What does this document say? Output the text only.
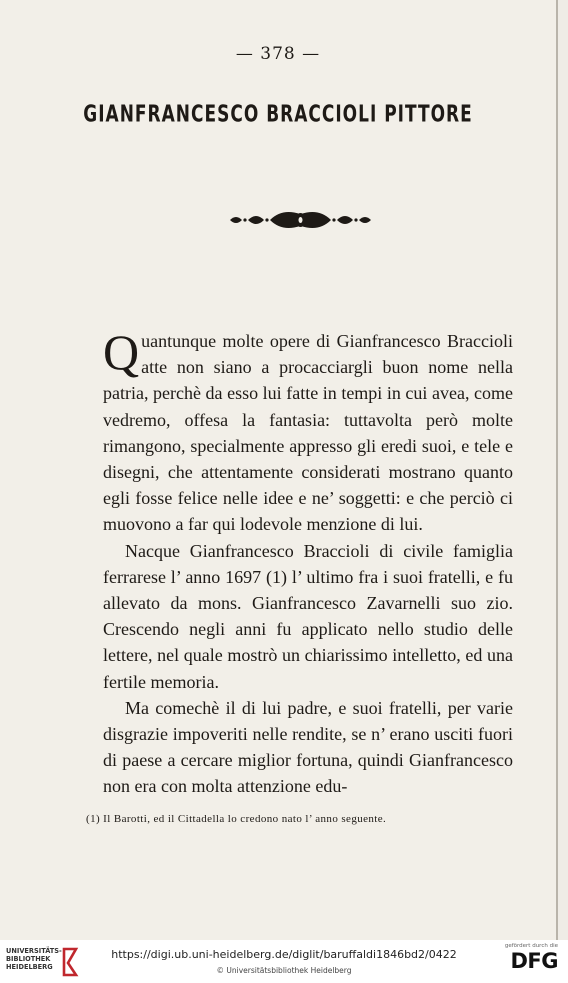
— 378 —
GIANFRANCESCO BRACCIOLI PITTORE

Quantunque molte opere di Gianfrancesco Braccioli atte non siano a procacciargli buon nome nella patria, perchè da esso lui fatte in tempi in cui avea, come vedremo, offesa la fantasia: tuttavolta però molte rimangono, specialmente appresso gli eredi suoi, e tele e disegni, che attentamente considerati mostrano quanto egli fosse felice nelle idee e ne’ soggetti: e che perciò ci muovono a far qui lodevole menzione di lui.

Nacque Gianfrancesco Braccioli di civile famiglia ferrarese l’ anno 1697 (1) l’ ultimo fra i suoi fratelli, e fu allevato da mons. Gianfrancesco Zavarnelli suo zio. Crescendo negli anni fu applicato nello studio delle lettere, nel quale mostrò un chiarissimo intelletto, ed una fertile memoria.

Ma comechè il di lui padre, e suoi fratelli, per varie disgrazie impoveriti nelle rendite, se n’ erano usciti fuori di paese a cercare miglior fortuna, quindi Gianfrancesco non era con molta attenzione edu-

(1) Il Barotti, ed il Cittadella lo credono nato l’ anno seguente.
UNIVERSITÄTS-
BIBLIOTHEK
HEIDELBERG
https://digi.ub.uni-heidelberg.de/diglit/baruffaldi1846bd2/0422
© Universitätsbibliothek Heidelberg
gefördert durch die
DFG
